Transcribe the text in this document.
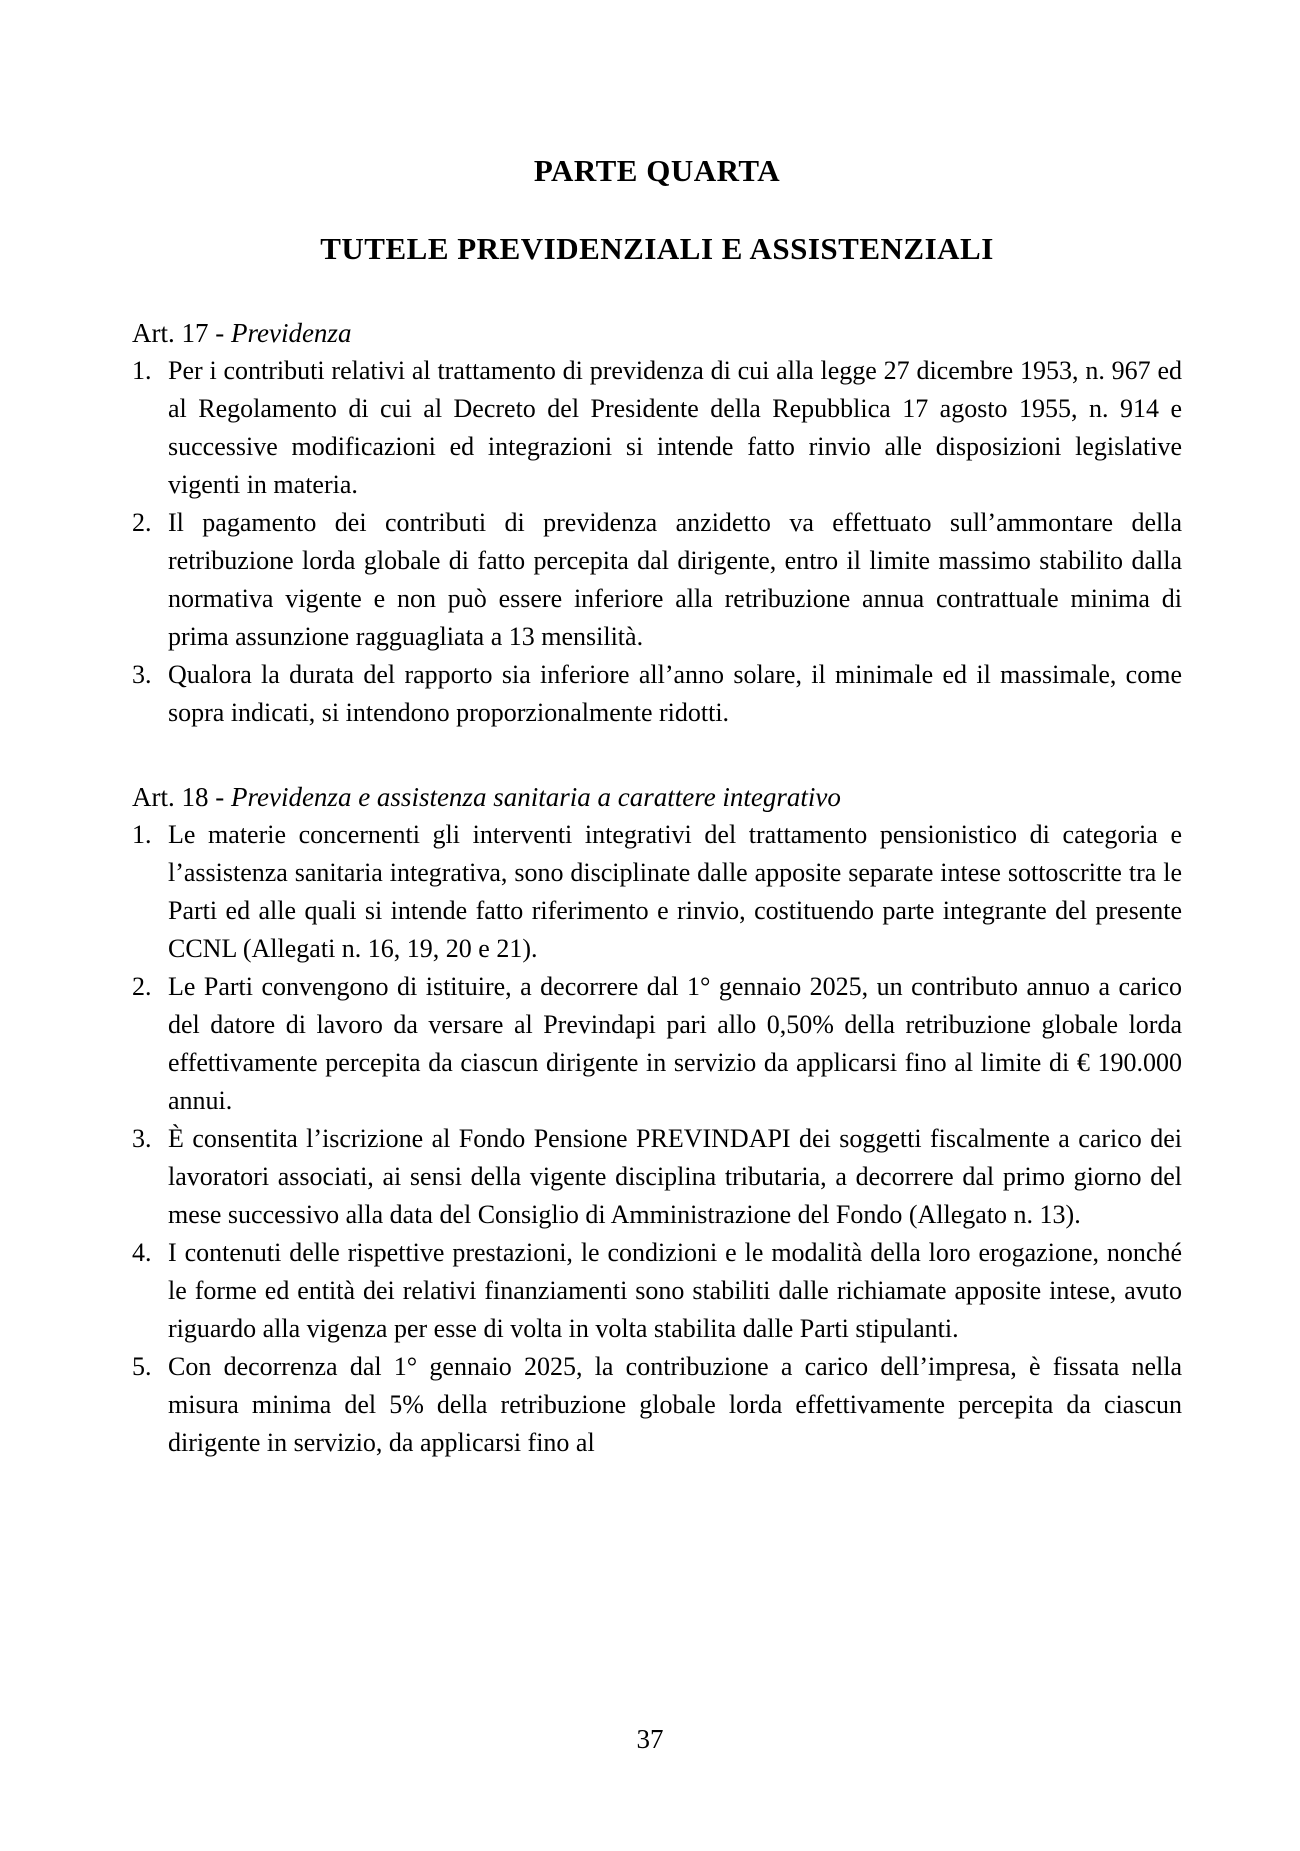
PARTE QUARTA
TUTELE PREVIDENZIALI E ASSISTENZIALI
Art. 17 - Previdenza
1. Per i contributi relativi al trattamento di previdenza di cui alla legge 27 dicembre 1953, n. 967 ed al Regolamento di cui al Decreto del Presidente della Repubblica 17 agosto 1955, n. 914 e successive modificazioni ed integrazioni si intende fatto rinvio alle disposizioni legislative vigenti in materia.
2. Il pagamento dei contributi di previdenza anzidetto va effettuato sull’ammontare della retribuzione lorda globale di fatto percepita dal dirigente, entro il limite massimo stabilito dalla normativa vigente e non può essere inferiore alla retribuzione annua contrattuale minima di prima assunzione ragguagliata a 13 mensilità.
3. Qualora la durata del rapporto sia inferiore all’anno solare, il minimale ed il massimale, come sopra indicati, si intendono proporzionalmente ridotti.
Art. 18 - Previdenza e assistenza sanitaria a carattere integrativo
1. Le materie concernenti gli interventi integrativi del trattamento pensionistico di categoria e l’assistenza sanitaria integrativa, sono disciplinate dalle apposite separate intese sottoscritte tra le Parti ed alle quali si intende fatto riferimento e rinvio, costituendo parte integrante del presente CCNL (Allegati n. 16, 19, 20 e 21).
2. Le Parti convengono di istituire, a decorrere dal 1° gennaio 2025, un contributo annuo a carico del datore di lavoro da versare al Previndapi pari allo 0,50% della retribuzione globale lorda effettivamente percepita da ciascun dirigente in servizio da applicarsi fino al limite di € 190.000 annui.
3. È consentita l’iscrizione al Fondo Pensione PREVINDAPI dei soggetti fiscalmente a carico dei lavoratori associati, ai sensi della vigente disciplina tributaria, a decorrere dal primo giorno del mese successivo alla data del Consiglio di Amministrazione del Fondo (Allegato n. 13).
4. I contenuti delle rispettive prestazioni, le condizioni e le modalità della loro erogazione, nonché le forme ed entità dei relativi finanziamenti sono stabiliti dalle richiamate apposite intese, avuto riguardo alla vigenza per esse di volta in volta stabilita dalle Parti stipulanti.
5. Con decorrenza dal 1° gennaio 2025, la contribuzione a carico dell’impresa, è fissata nella misura minima del 5% della retribuzione globale lorda effettivamente percepita da ciascun dirigente in servizio, da applicarsi fino al
37
